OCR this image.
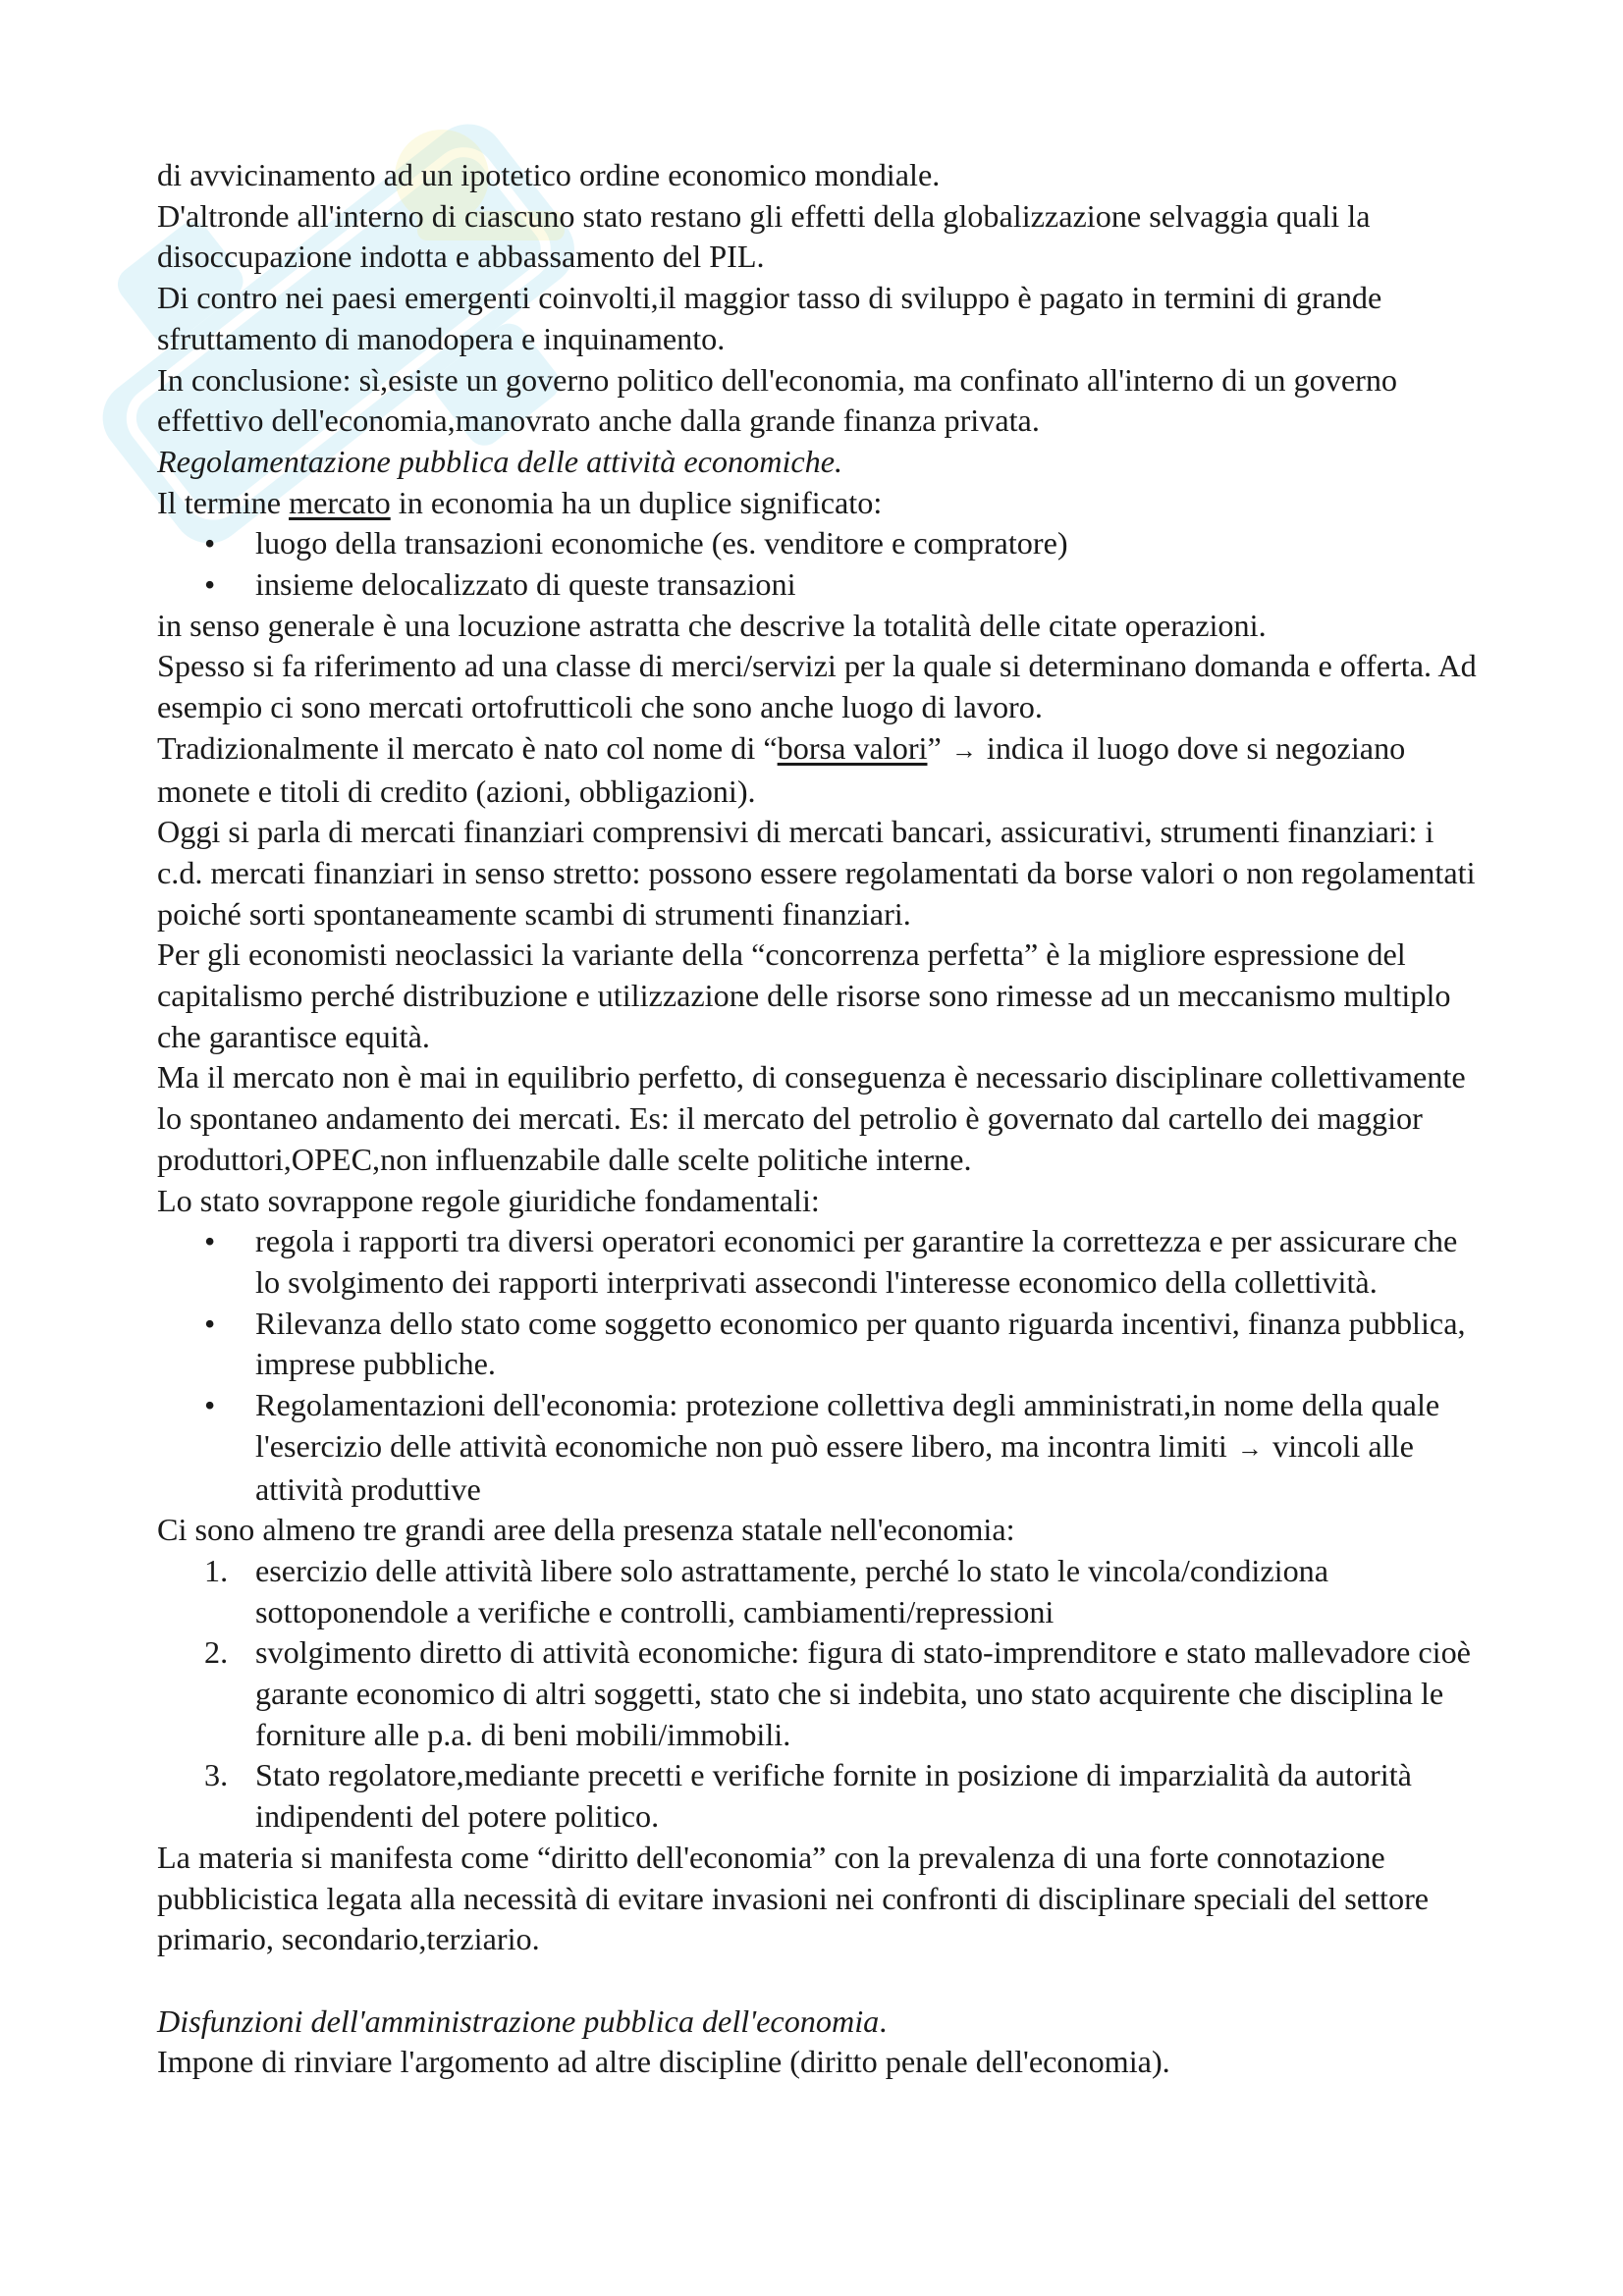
di avvicinamento ad un ipotetico ordine economico mondiale.

D'altronde all'interno di ciascuno stato restano gli effetti della globalizzazione selvaggia quali la disoccupazione indotta e abbassamento del PIL.

Di contro nei paesi emergenti coinvolti,il maggior tasso di sviluppo è pagato in termini di grande sfruttamento di manodopera e inquinamento.

In conclusione: sì,esiste un governo politico dell'economia, ma confinato all'interno di un governo effettivo dell'economia,manovrato anche dalla grande finanza privata.

Regolamentazione pubblica delle attività economiche.

Il termine mercato in economia ha un duplice significato:

• luogo della transazioni economiche (es. venditore e compratore)
• insieme delocalizzato di queste transazioni

in senso generale è una locuzione astratta che descrive la totalità delle citate operazioni.

Spesso si fa riferimento ad una classe di merci/servizi per la quale si determinano domanda e offerta. Ad esempio ci sono mercati ortofrutticoli che sono anche luogo di lavoro.

Tradizionalmente il mercato è nato col nome di “borsa valori” → indica il luogo dove si negoziano monete e titoli di credito (azioni, obbligazioni).

Oggi si parla di mercati finanziari comprensivi di mercati bancari, assicurativi, strumenti finanziari: i c.d. mercati finanziari in senso stretto: possono essere regolamentati da borse valori o non regolamentati poiché sorti spontaneamente scambi di strumenti finanziari.

Per gli economisti neoclassici la variante della “concorrenza perfetta” è la migliore espressione del capitalismo perché distribuzione e utilizzazione delle risorse sono rimesse ad un meccanismo multiplo che garantisce equità.

Ma il mercato non è mai in equilibrio perfetto, di conseguenza è necessario disciplinare collettivamente lo spontaneo andamento dei mercati. Es: il mercato del petrolio è governato dal cartello dei maggior produttori,OPEC,non influenzabile dalle scelte politiche interne.

Lo stato sovrappone regole giuridiche fondamentali:

• regola i rapporti tra diversi operatori economici per garantire la correttezza e per assicurare che lo svolgimento dei rapporti interprivati assecondi l'interesse economico della collettività.
• Rilevanza dello stato come soggetto economico per quanto riguarda incentivi, finanza pubblica, imprese pubbliche.
• Regolamentazioni dell'economia: protezione collettiva degli amministrati,in nome della quale l'esercizio delle attività economiche non può essere libero, ma incontra limiti → vincoli alle attività produttive

Ci sono almeno tre grandi aree della presenza statale nell'economia:

1. esercizio delle attività libere solo astrattamente, perché lo stato le vincola/condiziona sottoponendole a verifiche e controlli, cambiamenti/repressioni
2. svolgimento diretto di attività economiche: figura di stato-imprenditore e stato mallevadore cioè garante economico di altri soggetti, stato che si indebita, uno stato acquirente che disciplina le forniture alle p.a. di beni mobili/immobili.
3. Stato regolatore,mediante precetti e verifiche fornite in posizione di imparzialità da autorità indipendenti del potere politico.

La materia si manifesta come “diritto dell'economia” con la prevalenza di una forte connotazione pubblicistica legata alla necessità di evitare invasioni nei confronti di disciplinare speciali del settore primario, secondario,terziario.

Disfunzioni dell'amministrazione pubblica dell'economia.

Impone di rinviare l'argomento ad altre discipline (diritto penale dell'economia).
